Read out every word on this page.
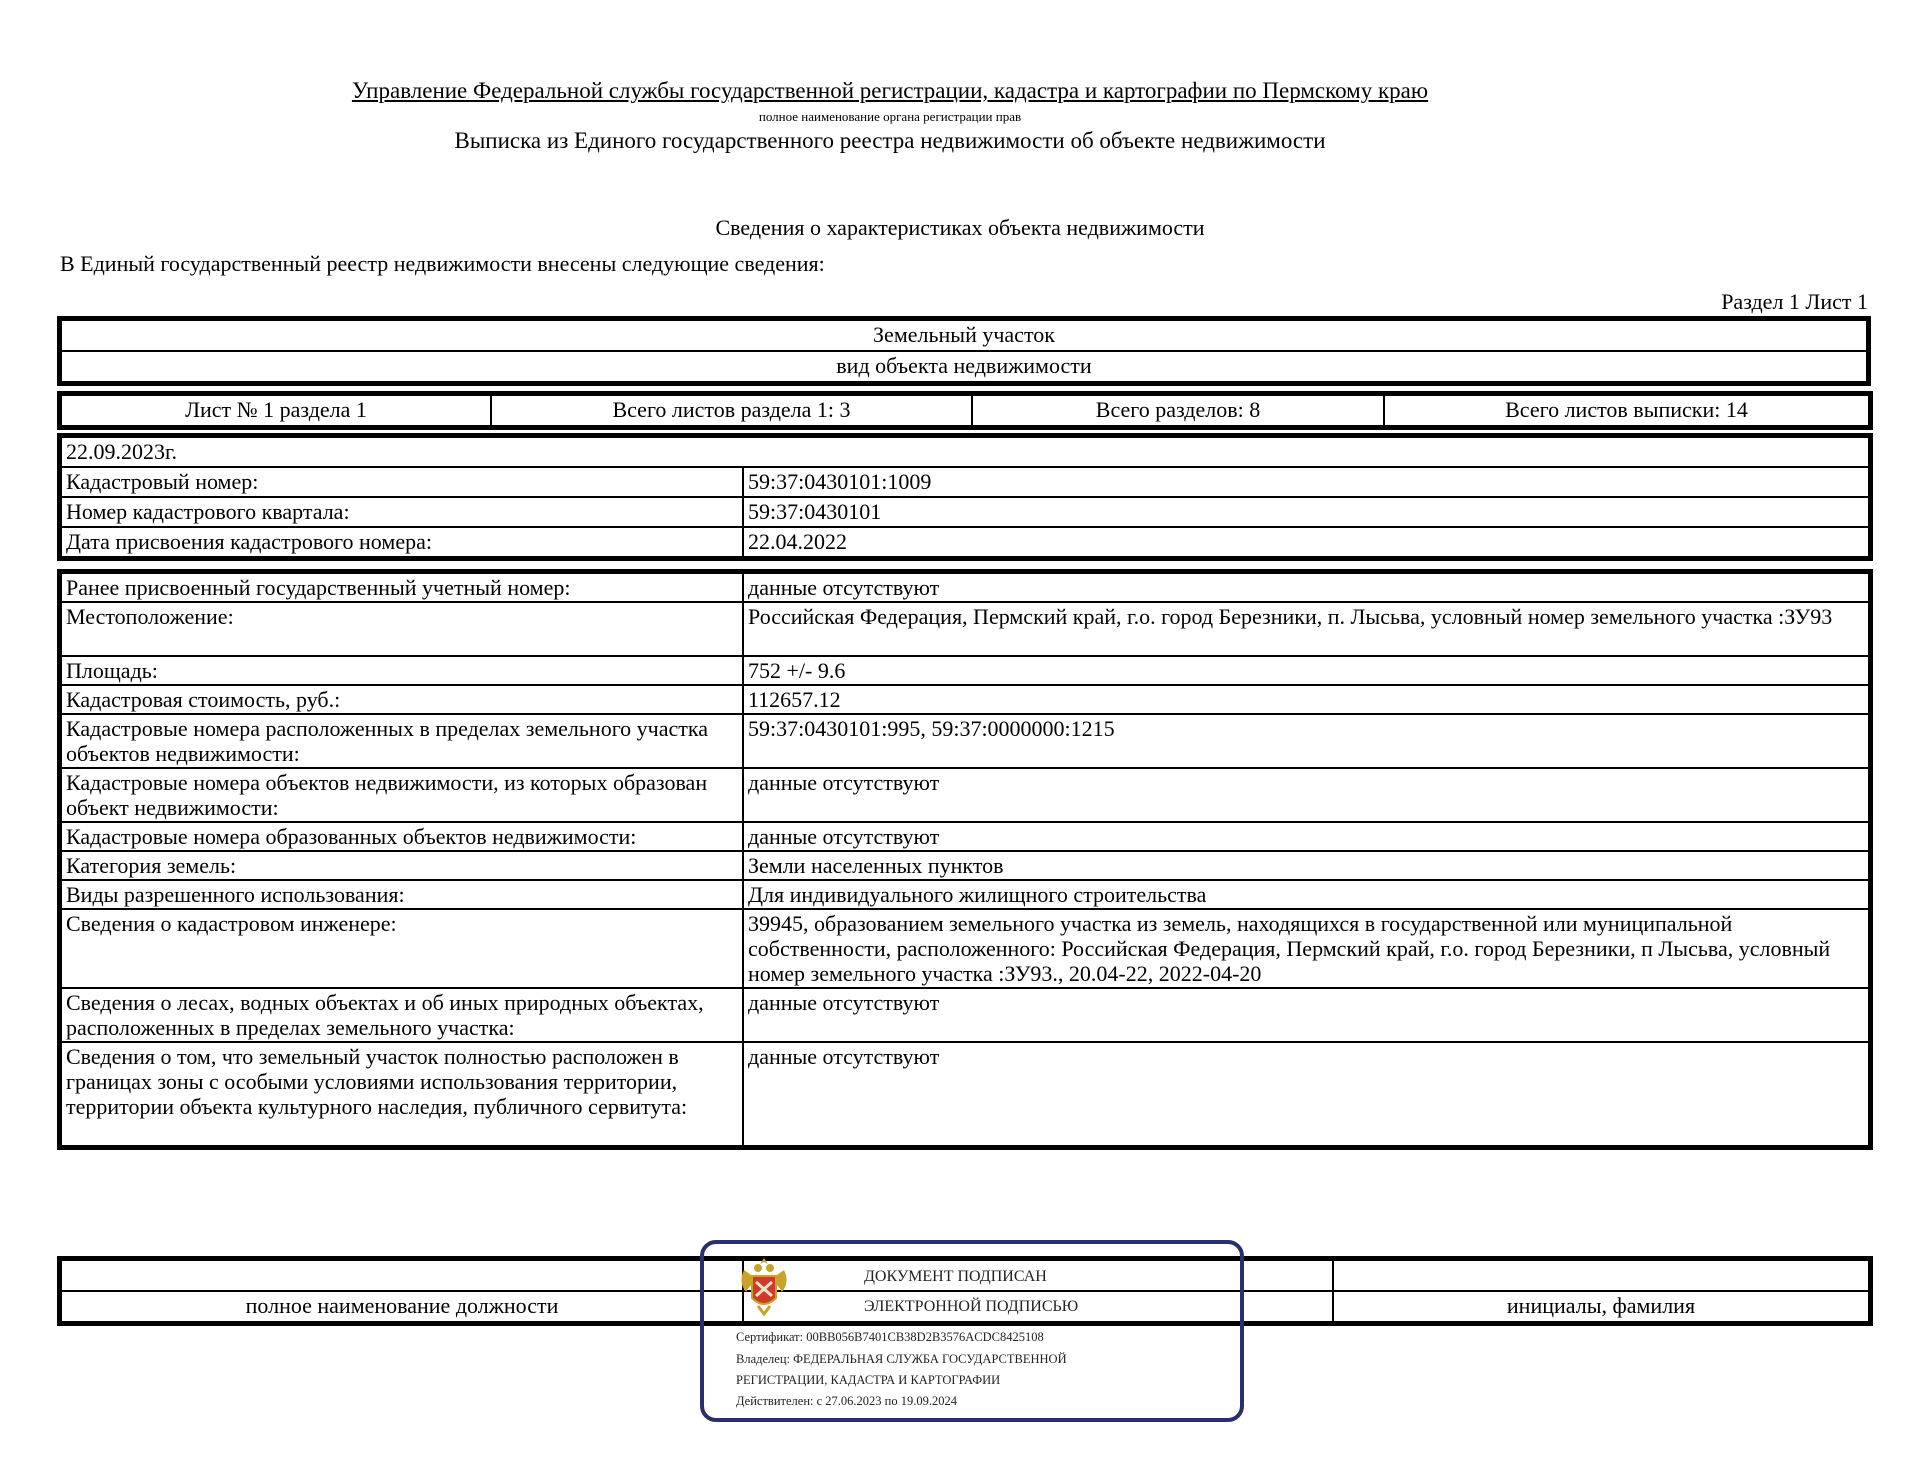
Управление Федеральной службы государственной регистрации, кадастра и картографии по Пермскому краю
полное наименование органа регистрации прав
Выписка из Единого государственного реестра недвижимости об объекте недвижимости
Сведения о характеристиках объекта недвижимости
В Единый государственный реестр недвижимости внесены следующие сведения:
Раздел 1 Лист 1
Земельный участок
вид объекта недвижимости
Лист № 1 раздела 1	Всего листов раздела 1: 3	Всего разделов: 8	Всего листов выписки: 14
22.09.2023г.	
Кадастровый номер:	59:37:0430101:1009
Номер кадастрового квартала:	59:37:0430101
Дата присвоения кадастрового номера:	22.04.2022
Ранее присвоенный государственный учетный номер:	данные отсутствуют
Местоположение:	Российская Федерация, Пермский край, г.о. город Березники, п. Лысьва, условный номер земельного участка :ЗУ93
Площадь:	752 +/- 9.6
Кадастровая стоимость, руб.:	112657.12
Кадастровые номера расположенных в пределах земельного участка объектов недвижимости:	59:37:0430101:995, 59:37:0000000:1215
Кадастровые номера объектов недвижимости, из которых образован объект недвижимости:	данные отсутствуют
Кадастровые номера образованных объектов недвижимости:	данные отсутствуют
Категория земель:	Земли населенных пунктов
Виды разрешенного использования:	Для индивидуального жилищного строительства
Сведения о кадастровом инженере:	39945, образованием земельного участка из земель, находящихся в государственной или муниципальной собственности, расположенного: Российская Федерация, Пермский край, г.о. город Березники, п Лысьва, условный номер земельного участка :ЗУ93., 20.04-22, 2022-04-20
Сведения о лесах, водных объектах и об иных природных объектах, расположенных в пределах земельного участка:	данные отсутствуют
Сведения о том, что земельный участок полностью расположен в границах зоны с особыми условиями использования территории, территории объекта культурного наследия, публичного сервитута:	данные отсутствуют

полное наименование должности		инициалы, фамилия
ДОКУМЕНТ ПОДПИСАН
ЭЛЕКТРОННОЙ ПОДПИСЬЮ
Сертификат: 00BB056B7401CB38D2B3576ACDC8425108
Владелец: ФЕДЕРАЛЬНАЯ СЛУЖБА ГОСУДАРСТВЕННОЙ
РЕГИСТРАЦИИ, КАДАСТРА И КАРТОГРАФИИ
Действителен: с 27.06.2023 по 19.09.2024
